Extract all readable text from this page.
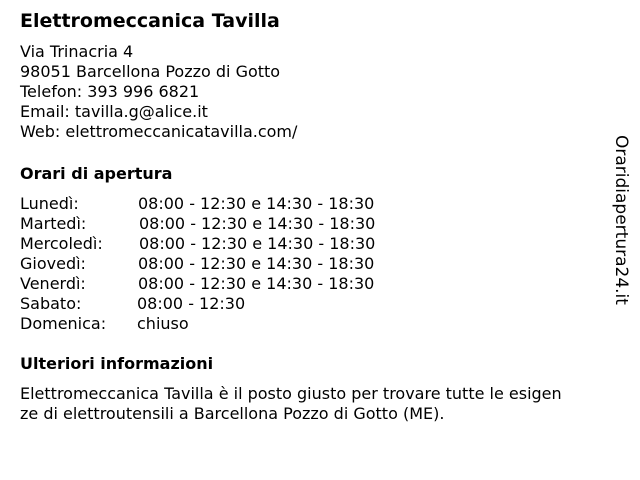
Elettromeccanica Tavilla
Via Trinacria 4
98051 Barcellona Pozzo di Gotto
Telefon: 393 996 6821
Email: tavilla.g@alice.it
Web: elettromeccanicatavilla.com/
Orari di apertura
Lunedì:	08:00 - 12:30 e 14:30 - 18:30
Martedì:	08:00 - 12:30 e 14:30 - 18:30
Mercoledì: 08:00 - 12:30 e 14:30 - 18:30
Giovedì:	08:00 - 12:30 e 14:30 - 18:30
Venerdì:	08:00 - 12:30 e 14:30 - 18:30
Sabato:	08:00 - 12:30
Domenica: chiuso
Ulteriori informazioni
Elettromeccanica Tavilla è il posto giusto per trovare tutte le esigen
ze di elettroutensili a Barcellona Pozzo di Gotto (ME).
Oraridiapertura24.it
